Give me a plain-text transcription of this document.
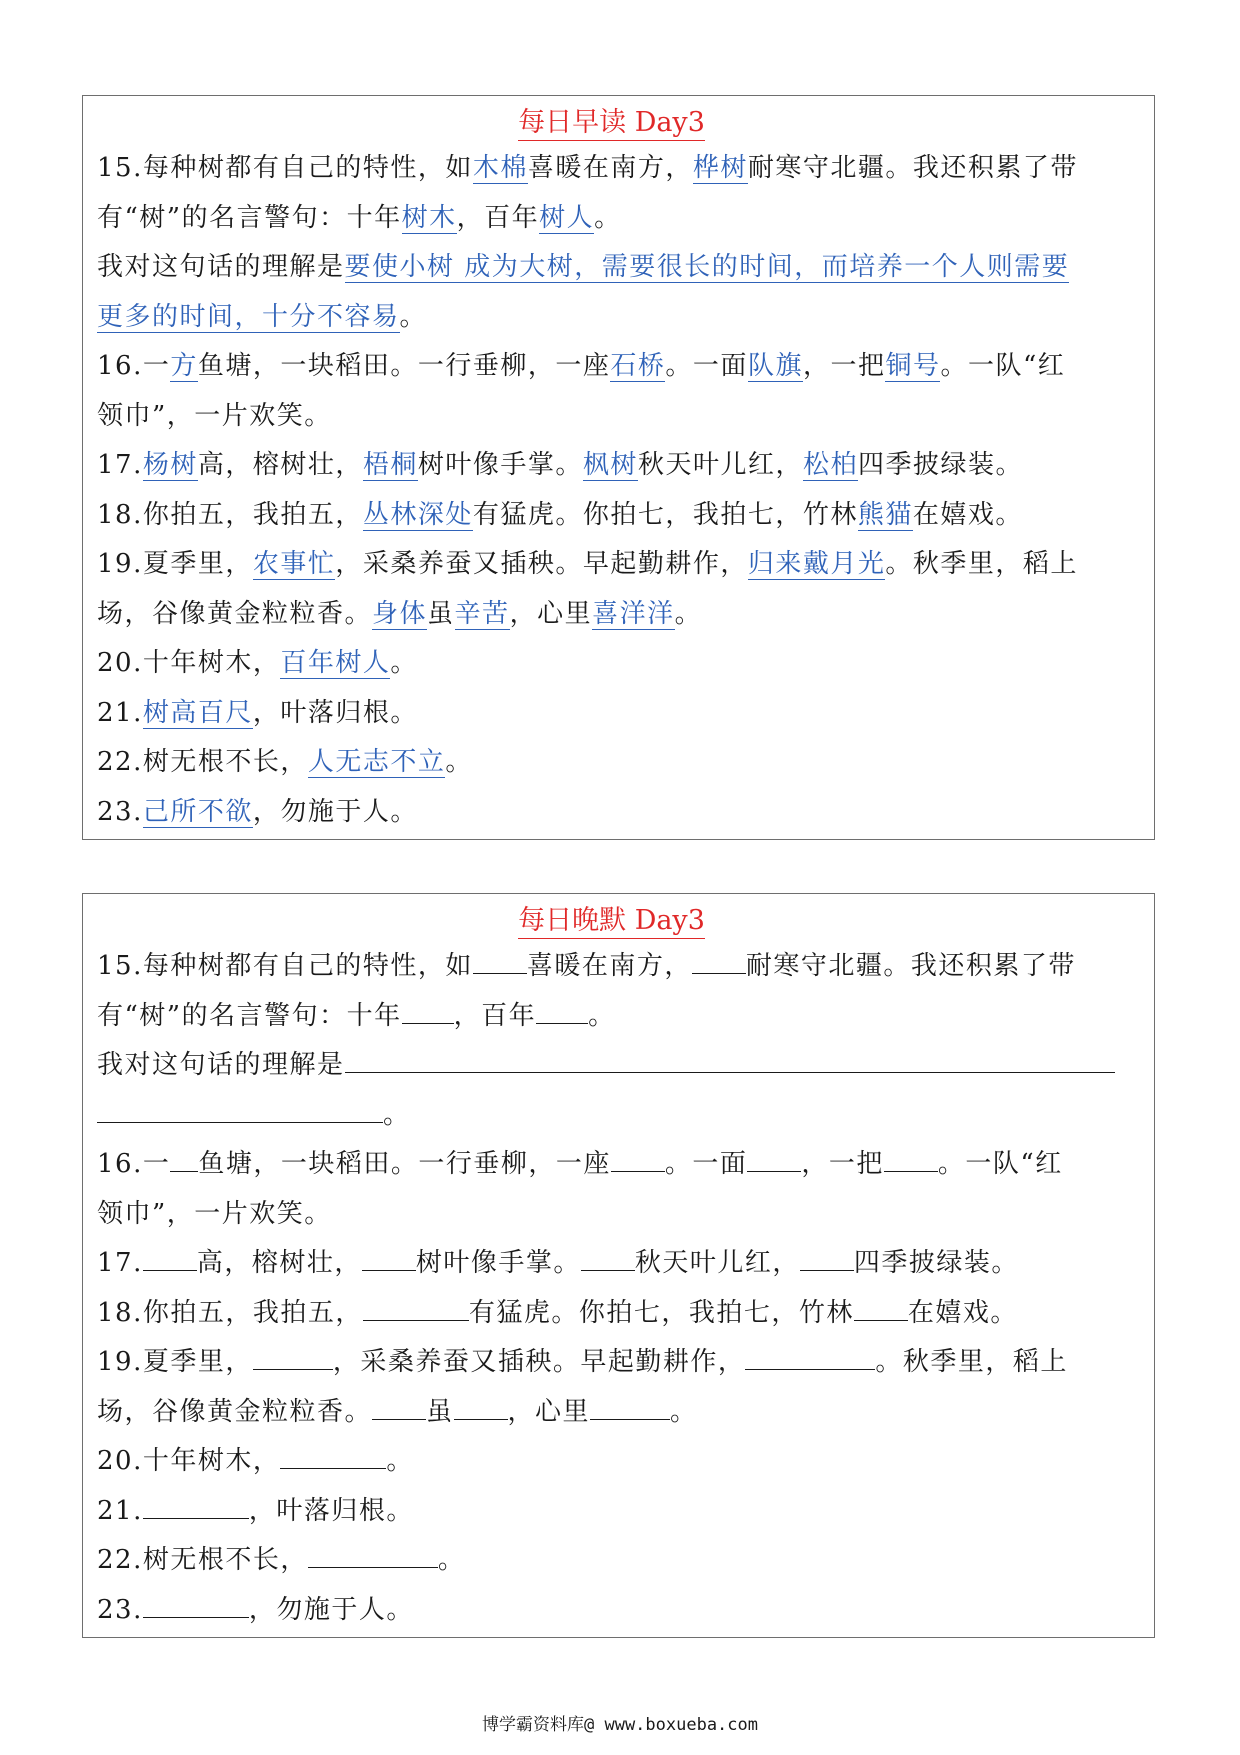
每日早读 Day3
15.每种树都有自己的特性，如木棉喜暖在南方，桦树耐寒守北疆。我还积累了带
有“树”的名言警句：十年树木，百年树人。
我对这句话的理解是要使小树 成为大树，需要很长的时间，而培养一个人则需要
更多的时间，十分不容易。
16.一方鱼塘，一块稻田。一行垂柳，一座石桥。一面队旗，一把铜号。一队“红
领巾”，一片欢笑。
17.杨树高，榕树壮，梧桐树叶像手掌。枫树秋天叶儿红，松柏四季披绿装。
18.你拍五，我拍五，丛林深处有猛虎。你拍七，我拍七，竹林熊猫在嬉戏。
19.夏季里，农事忙，采桑养蚕又插秧。早起勤耕作，归来戴月光。秋季里，稻上
场，谷像黄金粒粒香。身体虽辛苦，心里喜洋洋。
20.十年树木，百年树人。
21.树高百尺，叶落归根。
22.树无根不长，人无志不立。
23.己所不欲，勿施于人。
每日晚默 Day3
15.每种树都有自己的特性，如 喜暖在南方， 耐寒守北疆。我还积累了带
有“树”的名言警句：十年 ，百年 。
我对这句话的理解是
。
16.一 鱼塘，一块稻田。一行垂柳，一座 。一面 ，一把 。一队“红
领巾”，一片欢笑。
17. 高，榕树壮， 树叶像手掌。 秋天叶儿红， 四季披绿装。
18.你拍五，我拍五，	有猛虎。你拍七，我拍七，竹林 在嬉戏。
19.夏季里，	，采桑养蚕又插秧。早起勤耕作，	。秋季里，稻上
场，谷像黄金粒粒香。 虽 ，心里	。
20.十年树木，	。
21.	，叶落归根。
22.树无根不长，	。
23.	，勿施于人。
博学霸资料库@ www.boxueba.com
